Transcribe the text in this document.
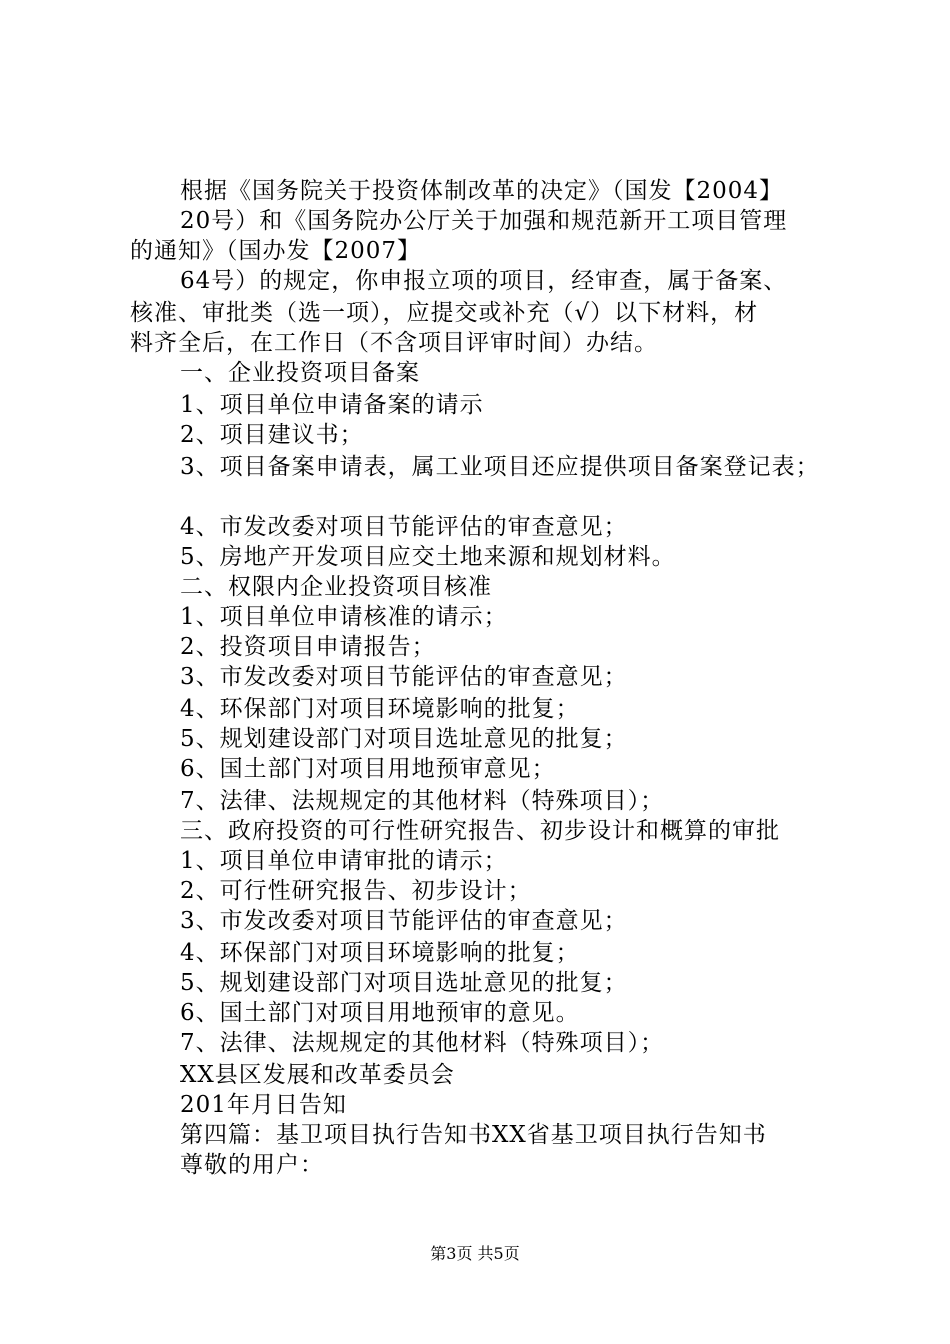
根据《国务院关于投资体制改革的决定》（国发【2004】
20号）和《国务院办公厅关于加强和规范新开工项目管理
的通知》（国办发【2007】
64号）的规定，你申报立项的项目，经审查，属于备案、
核准、审批类（选一项），应提交或补充（√）以下材料，材
料齐全后，在工作日（不含项目评审时间）办结。
一、企业投资项目备案
1、项目单位申请备案的请示
2、项目建议书；
3、项目备案申请表，属工业项目还应提供项目备案登记表；
4、市发改委对项目节能评估的审查意见；
5、房地产开发项目应交土地来源和规划材料。
二、权限内企业投资项目核准
1、项目单位申请核准的请示；
2、投资项目申请报告；
3、市发改委对项目节能评估的审查意见；
4、环保部门对项目环境影响的批复；
5、规划建设部门对项目选址意见的批复；
6、国土部门对项目用地预审意见；
7、法律、法规规定的其他材料（特殊项目）；
三、政府投资的可行性研究报告、初步设计和概算的审批
1、项目单位申请审批的请示；
2、可行性研究报告、初步设计；
3、市发改委对项目节能评估的审查意见；
4、环保部门对项目环境影响的批复；
5、规划建设部门对项目选址意见的批复；
6、国土部门对项目用地预审的意见。
7、法律、法规规定的其他材料（特殊项目）；
XX县区发展和改革委员会
201年月日告知
第四篇：基卫项目执行告知书XX省基卫项目执行告知书
尊敬的用户：
第3页 共5页
